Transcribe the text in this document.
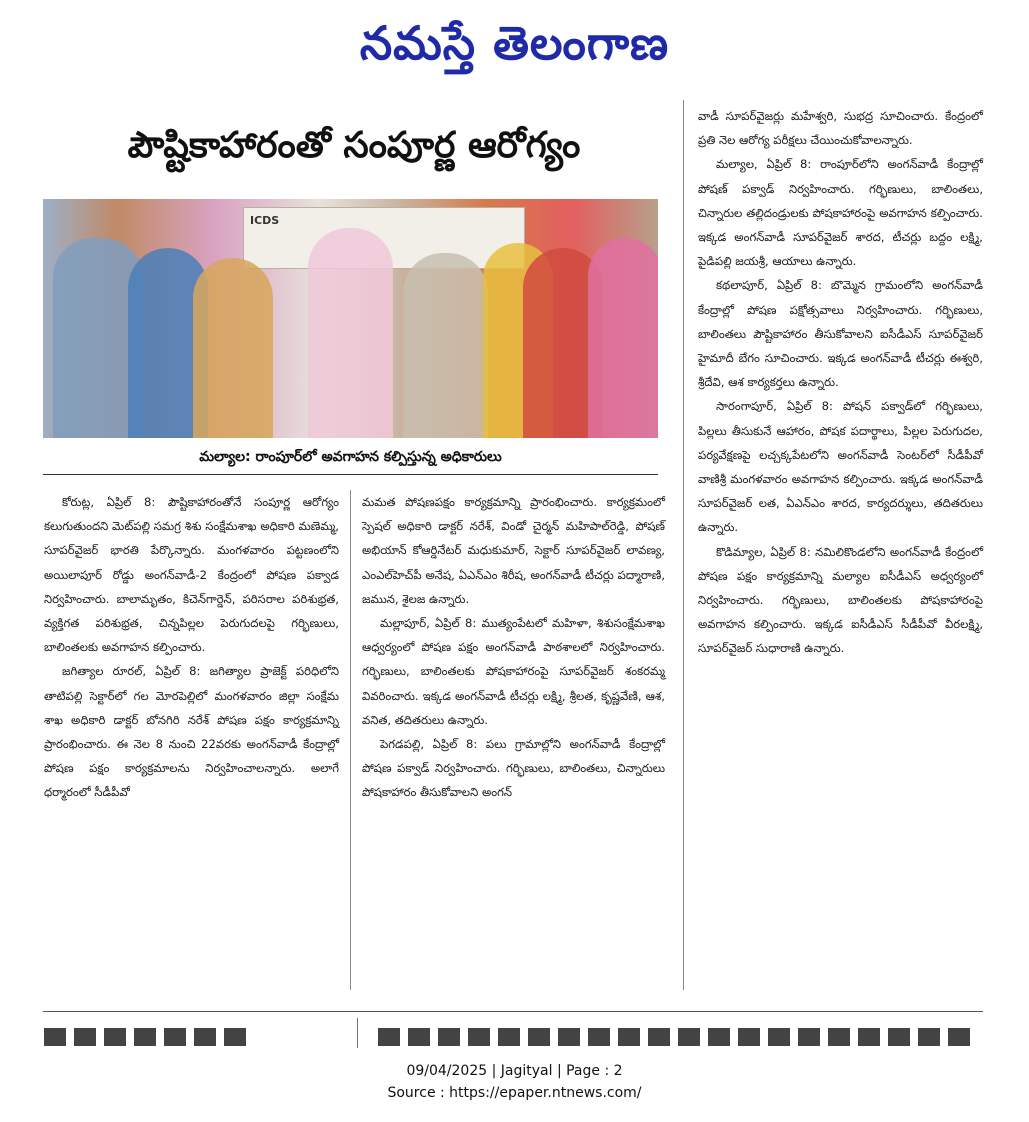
నమస్తే తెలంగాణ
పౌష్టికాహారంతో సంపూర్ణ ఆరోగ్యం
ICDS
మల్యాల: రాంపూర్‌లో అవగాహన కల్పిస్తున్న అధికారులు

కోరుట్ల, ఏప్రిల్ 8: పౌష్టికాహారంతోనే సంపూర్ణ ఆరోగ్యం కలుగుతుందని మెట్‌పల్లి సమగ్ర శిశు సంక్షేమశాఖ అధికారి మణెమ్మ, సూపర్‌వైజర్ భారతి పేర్కొన్నారు. మంగళవారం పట్టణంలోని అయిలాపూర్ రోడ్డు అంగన్‌వాడీ-2 కేంద్రంలో పోషణ పక్వాడ నిర్వహించారు. బాలామృతం, కిచెన్‌గార్డెన్, పరిసరాల పరిశుభ్రత, వ్యక్తిగత పరిశుభ్రత, చిన్నపిల్లల పెరుగుదలపై గర్భిణులు, బాలింతలకు అవగాహన కల్పించారు.

జగిత్యాల రూరల్, ఏప్రిల్ 8: జగిత్యాల ప్రాజెక్ట్ పరిధిలోని తాటిపల్లి సెక్టార్‌లో గల మోరపెల్లిలో మంగళవారం జిల్లా సంక్షేమ శాఖ అధికారి డాక్టర్ బోనగిరి నరేశ్ పోషణ పక్షం కార్యక్రమాన్ని ప్రారంభించారు. ఈ నెల 8 నుంచి 22వరకు అంగన్‌వాడీ కేంద్రాల్లో పోషణ పక్షం కార్యక్రమాలను నిర్వహించాలన్నారు. అలాగే ధర్మారంలో సీడీపీవో

మమత పోషణపక్షం కార్యక్రమాన్ని ప్రారంభించారు. కార్యక్రమంలో స్పెషల్ అధికారి డాక్టర్ నరేశ్, విండో చైర్మన్ మహిపాల్‌రెడ్డి, పోషణ్ అభియాన్ కోఆర్డినేటర్ మధుకుమార్, సెక్టార్ సూపర్‌వైజర్ లావణ్య, ఎంఎల్‌హెచ్‌పీ అనేష, ఏఎన్‌ఎం శిరీష, అంగన్‌వాడీ టీచర్లు పద్మారాణి, జమున, శైలజ ఉన్నారు.

మల్లాపూర్, ఏప్రిల్ 8: ముత్యంపేటలో మహిళా, శిశుసంక్షేమశాఖ ఆధ్వర్యంలో పోషణ పక్షం అంగన్‌వాడీ పాఠశాలలో నిర్వహించారు. గర్భిణులు, బాలింతలకు పోషకాహారంపై సూపర్‌వైజర్ శంకరమ్మ వివరించారు. ఇక్కడ అంగన్‌వాడీ టీచర్లు లక్ష్మి, శ్రీలత, కృష్ణవేణి, ఆశ, వనిత, తదితరులు ఉన్నారు.

పెగడపల్లి, ఏప్రిల్ 8: పలు గ్రామాల్లోని అంగన్‌వాడీ కేంద్రాల్లో పోషణ పక్వాడ్ నిర్వహించారు. గర్భిణులు, బాలింతలు, చిన్నారులు పోషకాహారం తీసుకోవాలని అంగన్

వాడీ సూపర్‌వైజర్లు మహేశ్వరి, సుభద్ర సూచించారు. కేంద్రంలో ప్రతి నెల ఆరోగ్య పరీక్షలు చేయించుకోవాలన్నారు.

మల్యాల, ఏప్రిల్ 8: రాంపూర్‌లోని అంగన్‌వాడీ కేంద్రాల్లో పోషణ్ పక్వాడ్ నిర్వహించారు. గర్భిణులు, బాలింతలు, చిన్నారుల తల్లిదండ్రులకు పోషకాహారంపై అవగాహన కల్పించారు. ఇక్కడ అంగన్‌వాడీ సూపర్‌వైజర్ శారద, టీచర్లు బద్దం లక్ష్మి, పైడిపల్లి జయశ్రీ, ఆయాలు ఉన్నారు.

కథలాపూర్, ఏప్రిల్ 8: బొమ్మెన గ్రామంలోని అంగన్‌వాడీ కేంద్రాల్లో పోషణ పక్షోత్సవాలు నిర్వహించారు. గర్భిణులు, బాలింతలు పౌష్టికాహారం తీసుకోవాలని ఐసీడీఎస్ సూపర్‌వైజర్ హైమాదీ బేగం సూచించారు. ఇక్కడ అంగన్‌వాడీ టీచర్లు ఈశ్వరి, శ్రీదేవి, ఆశ కార్యకర్తలు ఉన్నారు.

సారంగాపూర్, ఏప్రిల్ 8: పోషన్ పక్వాడ్‌లో గర్భిణులు, పిల్లలు తీసుకునే ఆహారం, పోషక పదార్థాలు, పిల్లల పెరుగుదల, పర్యవేక్షణపై లచ్చక్కపేటలోని అంగన్‌వాడీ సెంటర్‌లో సీడీపీవో వాణిశ్రీ మంగళవారం అవగాహన కల్పించారు. ఇక్కడ అంగన్‌వాడీ సూపర్‌వైజర్ లత, ఏఎన్‌ఎం శారద, కార్యదర్శులు, తదితరులు ఉన్నారు.

కొడిమ్యాల, ఏప్రిల్ 8: నమిలికొండలోని అంగన్‌వాడీ కేంద్రంలో పోషణ పక్షం కార్యక్రమాన్ని మల్యాల ఐసీడీఎస్ అధ్వర్యంలో నిర్వహించారు. గర్భిణులు, బాలింతలకు పోషకాహారంపై అవగాహన కల్పించారు. ఇక్కడ ఐసీడీఎస్ సీడీపీవో వీరలక్ష్మి, సూపర్‌వైజర్ సుధారాణి ఉన్నారు.

09/04/2025 | Jagityal | Page : 2
Source : https://epaper.ntnews.com/
